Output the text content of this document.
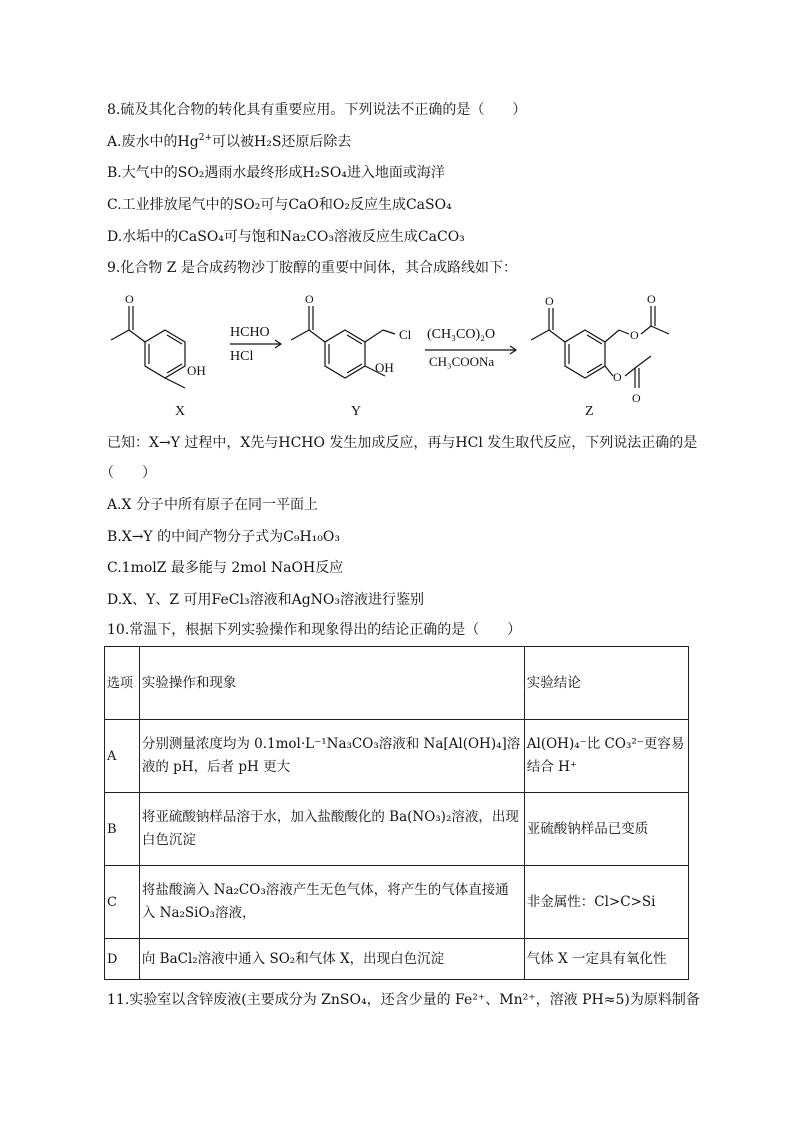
8.硫及其化合物的转化具有重要应用。下列说法不正确的是（　　）
A.废水中的$Hg^{2+}$可以被H₂S还原后除去
B.大气中的SO₂遇雨水最终形成H₂SO₄进入地面或海洋
C.工业排放尾气中的SO₂可与CaO和O₂反应生成CaSO₄
D.水垢中的CaSO₄可与饱和Na₂CO₃溶液反应生成CaCO₃
9.化合物 Z 是合成药物沙丁胺醇的重要中间体，其合成路线如下：
O
OH
O
Cl
OH
O
O
O
O
O
HCHO
HCl
(CH₃CO)₂O
CH₃COONa
X	Y	Z
已知：X→Y 过程中，X先与HCHO 发生加成反应，再与HCl 发生取代反应，下列说法正确的是
（　　）
A.X 分子中所有原子在同一平面上
B.X→Y 的中间产物分子式为C₉H₁₀O₃
C.1molZ 最多能与 2mol NaOH反应
D.X、Y、Z 可用FeCl₃溶液和AgNO₃溶液进行鉴别
10.常温下，根据下列实验操作和现象得出的结论正确的是（　　）
选项	实验操作和现象	实验结论
A	分别测量浓度均为 0.1mol·L⁻¹Na₃CO₃溶液和 Na[Al(OH)₄]溶液的 pH，后者 pH 更大	Al(OH)₄⁻比 CO₃²⁻更容易结合 H⁺
B	将亚硫酸钠样品溶于水，加入盐酸酸化的 Ba(NO₃)₂溶液，出现白色沉淀	亚硫酸钠样品已变质
C	将盐酸滴入 Na₂CO₃溶液产生无色气体，将产生的气体直接通入 Na₂SiO₃溶液，	非金属性：Cl>C>Si
D	向 BaCl₂溶液中通入 SO₂和气体 X，出现白色沉淀	气体 X 一定具有氧化性
11.实验室以含锌废液(主要成分为 ZnSO₄，还含少量的 Fe²⁺、Mn²⁺，溶液 PH≈5)为原料制备
